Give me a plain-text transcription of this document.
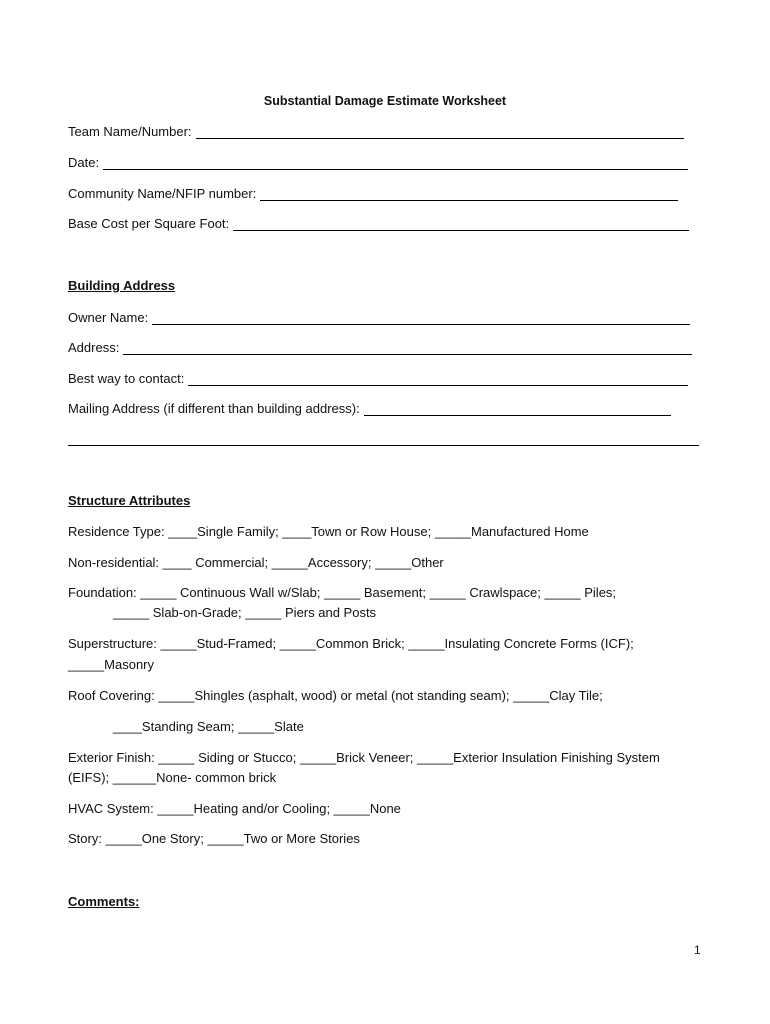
Substantial Damage Estimate Worksheet
Team Name/Number:
Date:
Community Name/NFIP number:
Base Cost per Square Foot:
Building Address
Owner Name:
Address:
Best way to contact:
Mailing Address (if different than building address):
Structure Attributes
Residence Type: ____Single Family; ____Town or Row House; _____Manufactured Home
Non-residential: ____ Commercial; _____Accessory; _____Other
Foundation: _____ Continuous Wall w/Slab; _____ Basement; _____ Crawlspace; _____ Piles;
_____ Slab-on-Grade; _____ Piers and Posts
Superstructure: _____Stud-Framed; _____Common Brick; _____Insulating Concrete Forms (ICF);
_____Masonry
Roof Covering: _____Shingles (asphalt, wood) or metal (not standing seam); _____Clay Tile;
____Standing Seam; _____Slate
Exterior Finish: _____ Siding or Stucco; _____Brick Veneer; _____Exterior Insulation Finishing System
(EIFS); ______None- common brick
HVAC System: _____Heating and/or Cooling; _____None
Story: _____One Story; _____Two or More Stories
Comments:
1
